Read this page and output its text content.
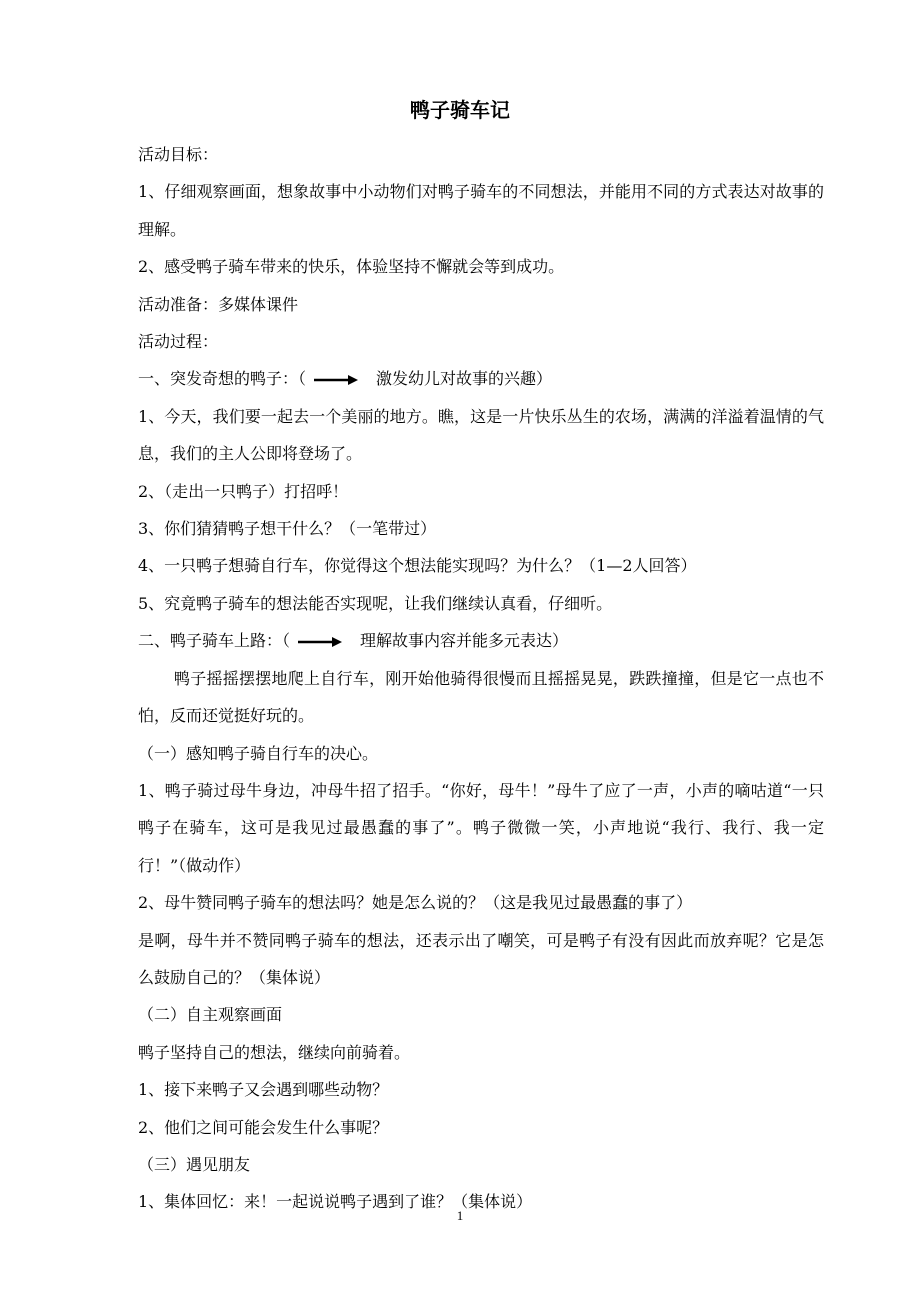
鸭子骑车记

活动目标：

1、仔细观察画面，想象故事中小动物们对鸭子骑车的不同想法，并能用不同的方式表达对故事的理解。

2、感受鸭子骑车带来的快乐，体验坚持不懈就会等到成功。

活动准备：多媒体课件

活动过程：

一、突发奇想的鸭子：（	激发幼儿对故事的兴趣）

1、今天，我们要一起去一个美丽的地方。瞧，这是一片快乐丛生的农场，满满的洋溢着温情的气息，我们的主人公即将登场了。

2、（走出一只鸭子）打招呼！

3、你们猜猜鸭子想干什么？（一笔带过）

4、一只鸭子想骑自行车，你觉得这个想法能实现吗？为什么？（1—2人回答）

5、究竟鸭子骑车的想法能否实现呢，让我们继续认真看，仔细听。

二、鸭子骑车上路：（	理解故事内容并能多元表达）

鸭子摇摇摆摆地爬上自行车，刚开始他骑得很慢而且摇摇晃晃，跌跌撞撞，但是它一点也不怕，反而还觉挺好玩的。

（一）感知鸭子骑自行车的决心。

1、鸭子骑过母牛身边，冲母牛招了招手。“你好，母牛！”母牛了应了一声，小声的嘀咕道“一只鸭子在骑车，这可是我见过最愚蠢的事了”。鸭子微微一笑，小声地说“我行、我行、我一定行！”（做动作）

2、母牛赞同鸭子骑车的想法吗？她是怎么说的？（这是我见过最愚蠢的事了）

是啊，母牛并不赞同鸭子骑车的想法，还表示出了嘲笑，可是鸭子有没有因此而放弃呢？它是怎么鼓励自己的？（集体说）

（二）自主观察画面

鸭子坚持自己的想法，继续向前骑着。

1、接下来鸭子又会遇到哪些动物？

2、他们之间可能会发生什么事呢？

（三）遇见朋友

1、集体回忆：来！一起说说鸭子遇到了谁？（集体说）

1
